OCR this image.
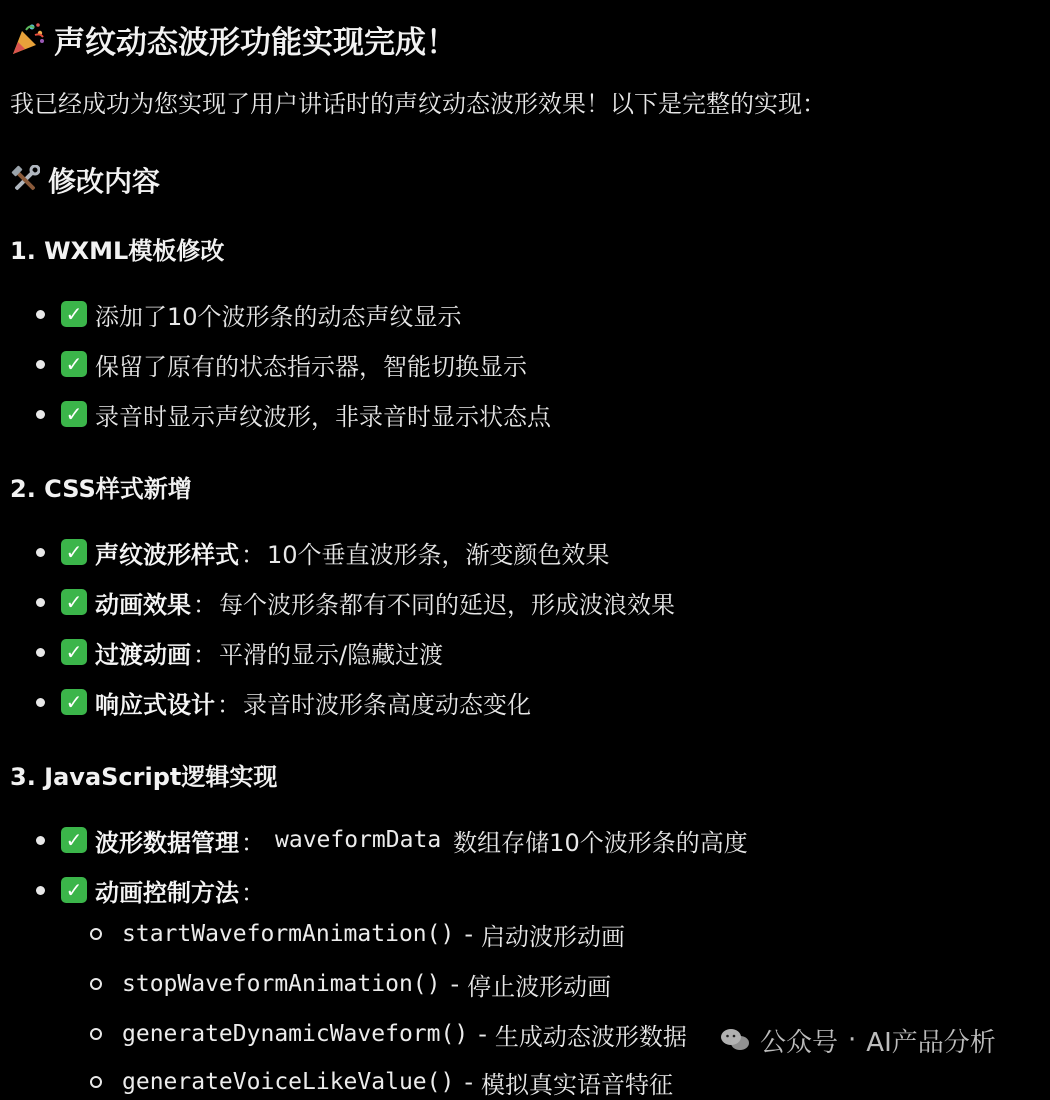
声纹动态波形功能实现完成！
我已经成功为您实现了用户讲话时的声纹动态波形效果！以下是完整的实现：
修改内容
1. WXML模板修改
✓ 添加了10个波形条的动态声纹显示
✓ 保留了原有的状态指示器，智能切换显示
✓ 录音时显示声纹波形，非录音时显示状态点
2. CSS样式新增
✓ 声纹波形样式 ： 10个垂直波形条，渐变颜色效果
✓ 动画效果 ： 每个波形条都有不同的延迟，形成波浪效果
✓ 过渡动画 ： 平滑的显示/隐藏过渡
✓ 响应式设计 ： 录音时波形条高度动态变化
3. JavaScript逻辑实现
✓ 波形数据管理 ： waveformData 数组存储10个波形条的高度
✓ 动画控制方法 ：
startWaveformAnimation() - 启动波形动画
stopWaveformAnimation() - 停止波形动画
generateDynamicWaveform() - 生成动态波形数据
generateVoiceLikeValue() - 模拟真实语音特征
公众号 · AI产品分析
